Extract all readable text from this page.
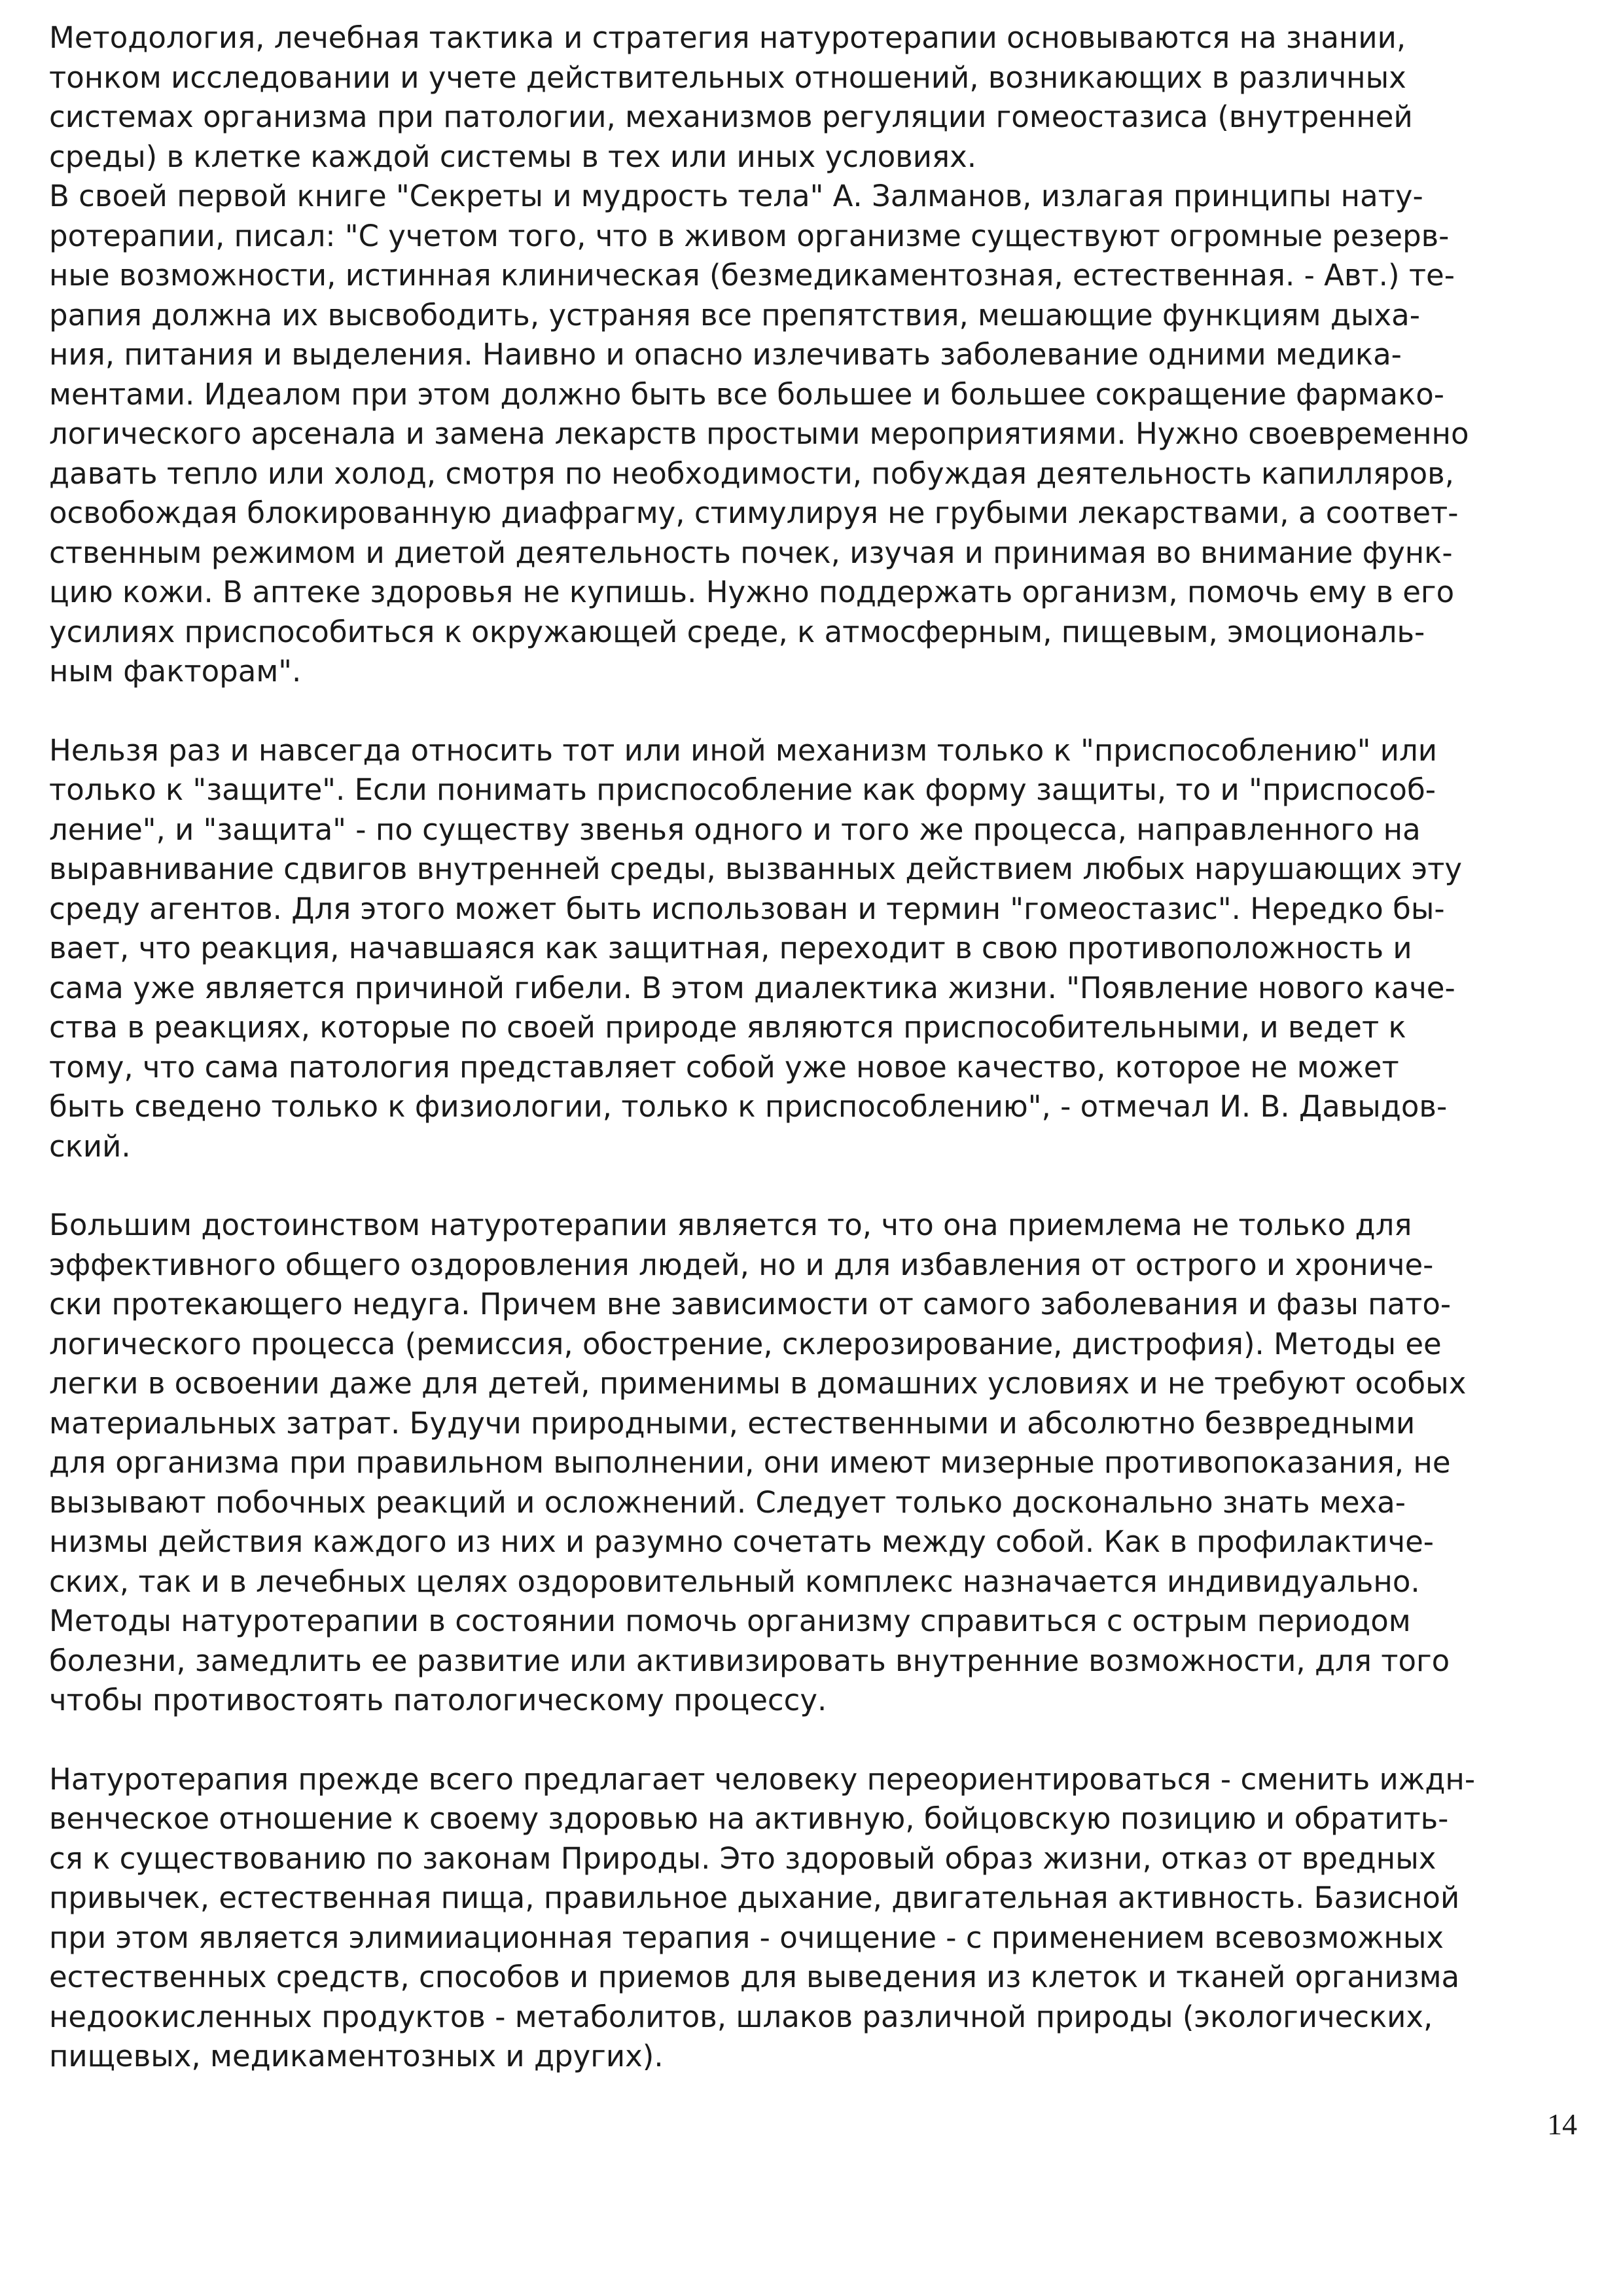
Методология, лечебная тактика и стратегия натуротерапии основываются на знании,
тонком исследовании и учете действительных отношений, возникающих в различных
системах организма при патологии, механизмов регуляции гомеостазиса (внутренней
среды) в клетке каждой системы в тех или иных условиях.
В своей первой книге "Секреты и мудрость тела" А. Залманов, излагая принципы нату-
ротерапии, писал: "С учетом того, что в живом организме существуют огромные резерв-
ные возможности, истинная клиническая (безмедикаментозная, естественная. - Авт.) те-
рапия должна их высвободить, устраняя все препятствия, мешающие функциям дыха-
ния, питания и выделения. Наивно и опасно излечивать заболевание одними медика-
ментами. Идеалом при этом должно быть все большее и большее сокращение фармако-
логического арсенала и замена лекарств простыми мероприятиями. Нужно своевременно
давать тепло или холод, смотря по необходимости, побуждая деятельность капилляров,
освобождая блокированную диафрагму, стимулируя не грубыми лекарствами, а соответ-
ственным режимом и диетой деятельность почек, изучая и принимая во внимание функ-
цию кожи. В аптеке здоровья не купишь. Нужно поддержать организм, помочь ему в его
усилиях приспособиться к окружающей среде, к атмосферным, пищевым, эмоциональ-
ным факторам".

Нельзя раз и навсегда относить тот или иной механизм только к "приспособлению" или
только к "защите". Если понимать приспособление как форму защиты, то и "приспособ-
ление", и "защита" - по существу звенья одного и того же процесса, направленного на
выравнивание сдвигов внутренней среды, вызванных действием любых нарушающих эту
среду агентов. Для этого может быть использован и термин "гомеостазис". Нередко бы-
вает, что реакция, начавшаяся как защитная, переходит в свою противоположность и
сама уже является причиной гибели. В этом диалектика жизни. "Появление нового каче-
ства в реакциях, которые по своей природе являются приспособительными, и ведет к
тому, что сама патология представляет собой уже новое качество, которое не может
быть сведено только к физиологии, только к приспособлению", - отмечал И. В. Давыдов-
ский.

Большим достоинством натуротерапии является то, что она приемлема не только для
эффективного общего оздоровления людей, но и для избавления от острого и хрониче-
ски протекающего недуга. Причем вне зависимости от самого заболевания и фазы пато-
логического процесса (ремиссия, обострение, склерозирование, дистрофия). Методы ее
легки в освоении даже для детей, применимы в домашних условиях и не требуют особых
материальных затрат. Будучи природными, естественными и абсолютно безвредными
для организма при правильном выполнении, они имеют мизерные противопоказания, не
вызывают побочных реакций и осложнений. Следует только досконально знать меха-
низмы действия каждого из них и разумно сочетать между собой. Как в профилактиче-
ских, так и в лечебных целях оздоровительный комплекс назначается индивидуально.
Методы натуротерапии в состоянии помочь организму справиться с острым периодом
болезни, замедлить ее развитие или активизировать внутренние возможности, для того
чтобы противостоять патологическому процессу.

Натуротерапия прежде всего предлагает человеку переориентироваться - сменить иждн-
венческое отношение к своему здоровью на активную, бойцовскую позицию и обратить-
ся к существованию по законам Природы. Это здоровый образ жизни, отказ от вредных
привычек, естественная пища, правильное дыхание, двигательная активность. Базисной
при этом является элимииационная терапия - очищение - с применением всевозможных
естественных средств, способов и приемов для выведения из клеток и тканей организма
недоокисленных продуктов - метаболитов, шлаков различной природы (экологических,
пищевых, медикаментозных и других).

14
